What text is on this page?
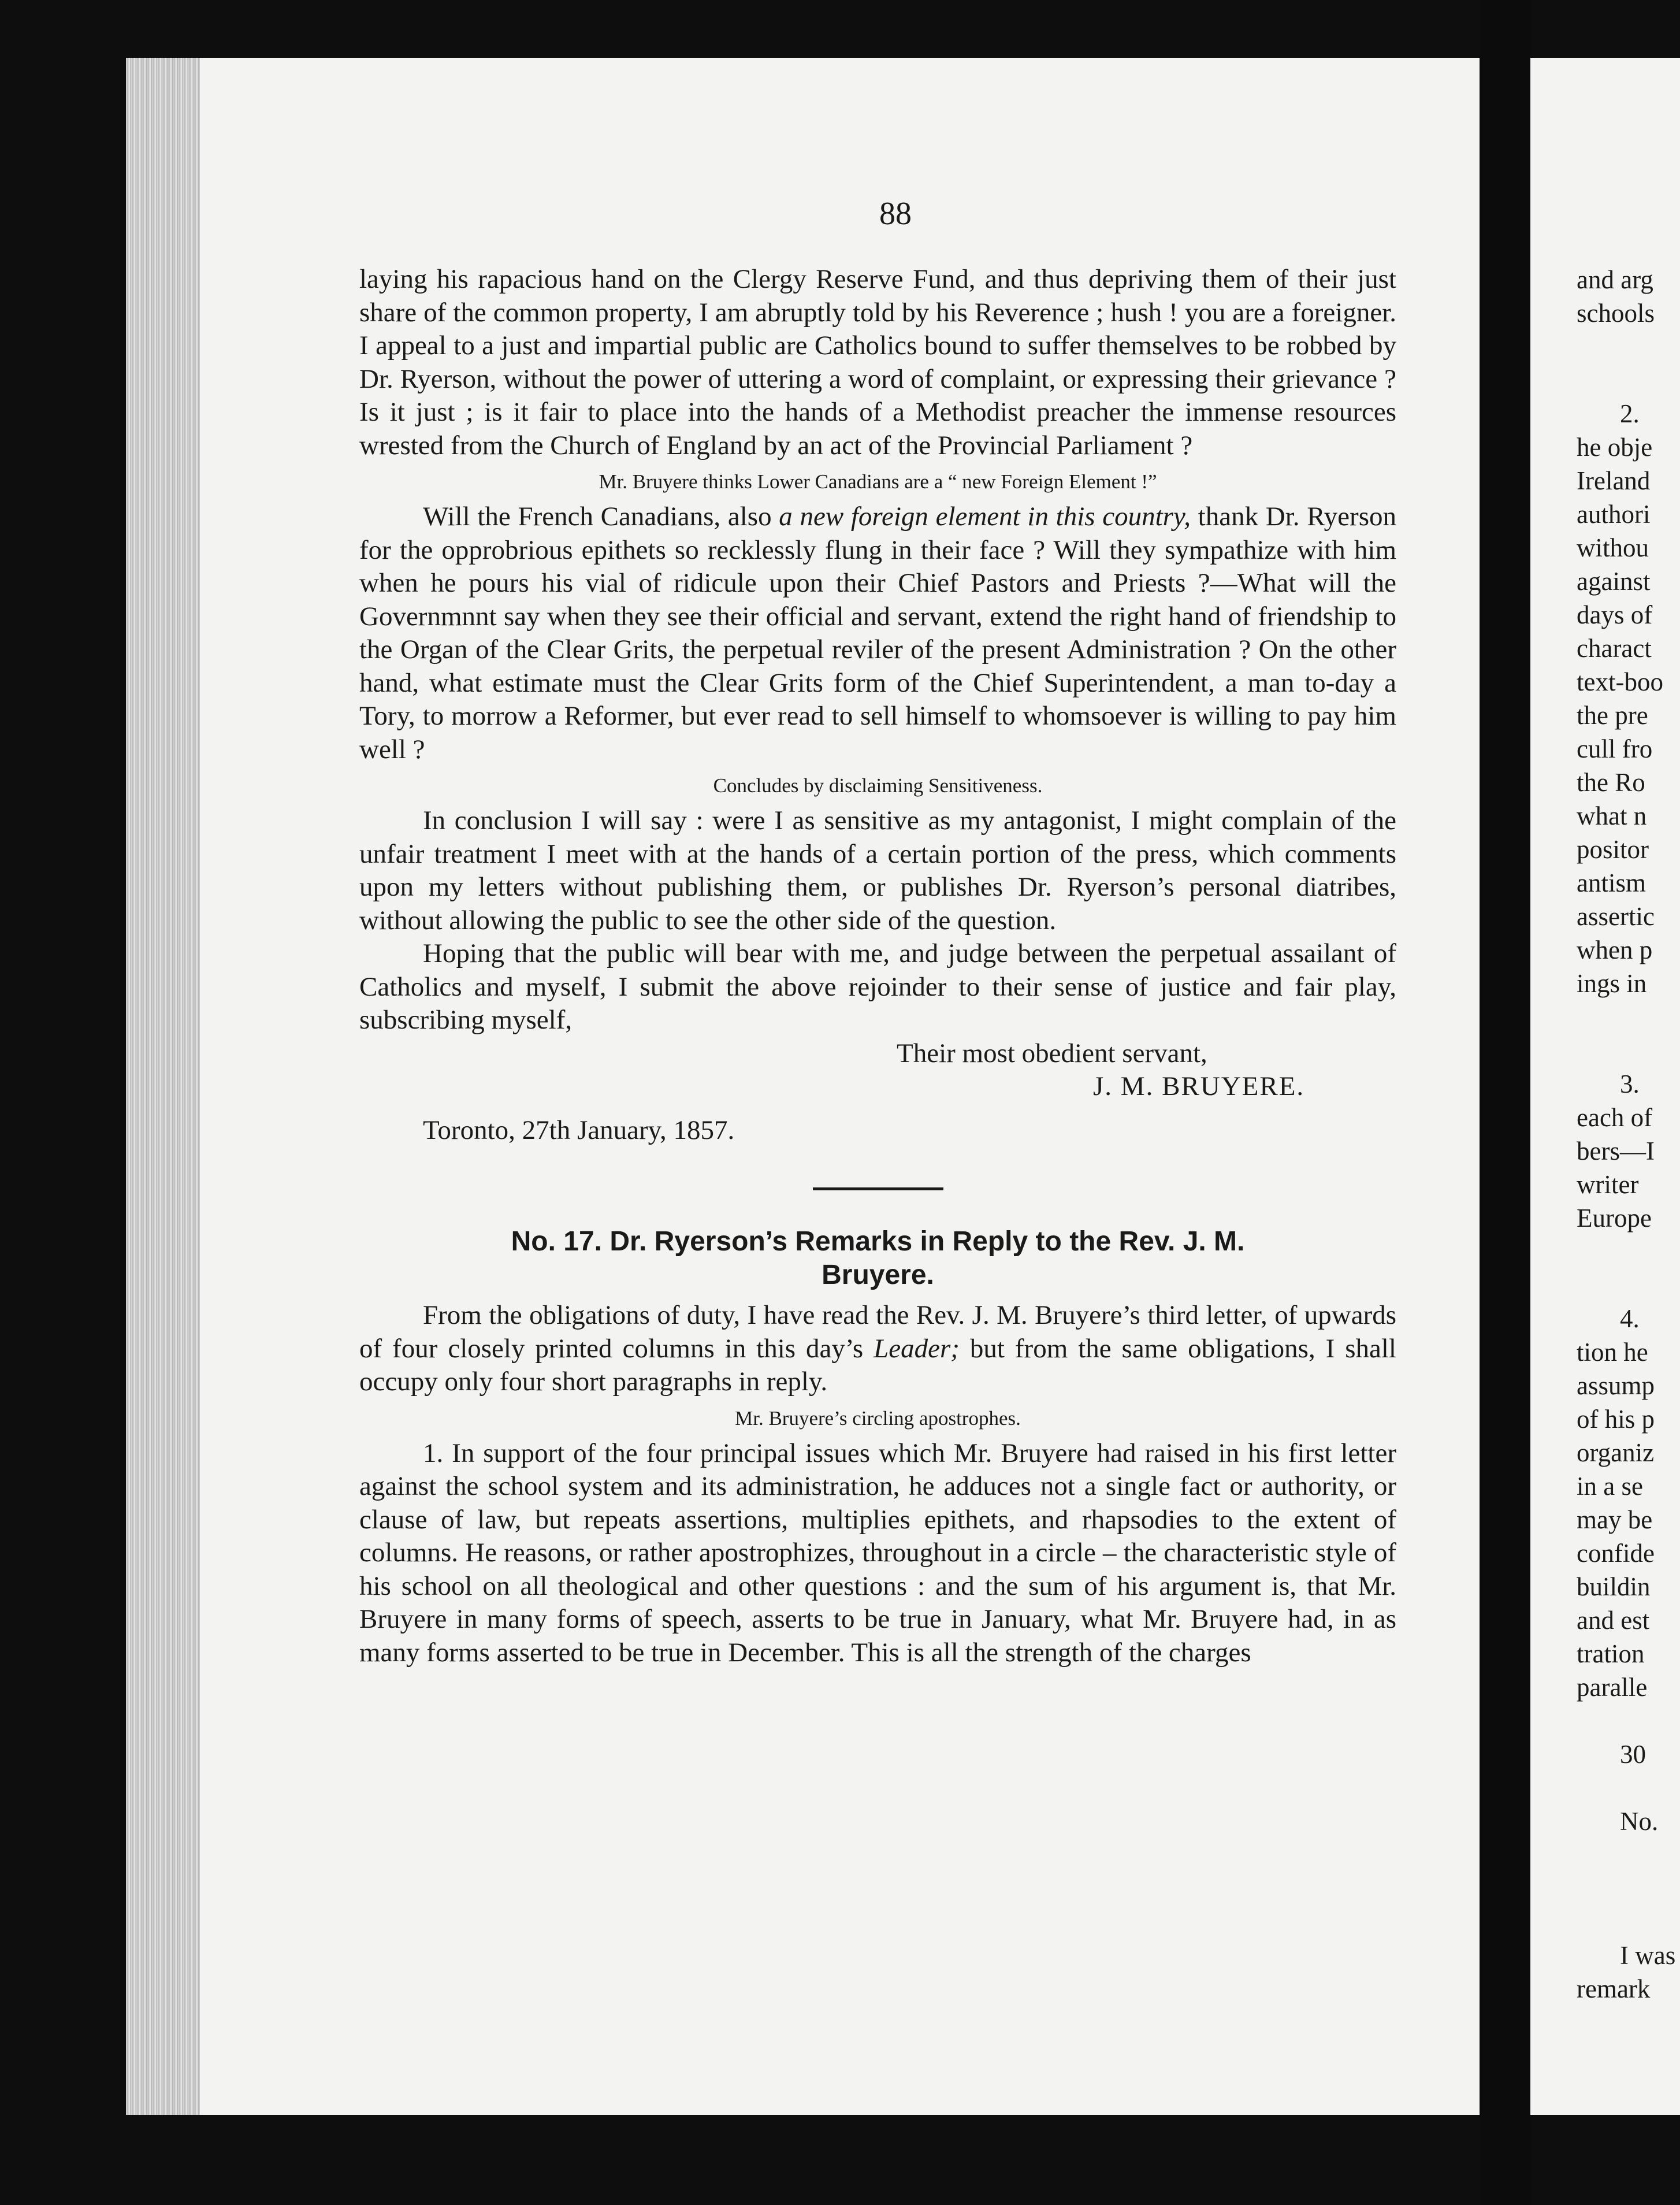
88

laying his rapacious hand on the Clergy Reserve Fund, and thus depriving them of their just share of the common property, I am abruptly told by his Reverence ; hush ! you are a foreigner. I appeal to a just and impartial public are Catholics bound to suffer themselves to be robbed by Dr. Ryerson, without the power of uttering a word of complaint, or expressing their grievance ? Is it just ; is it fair to place into the hands of a Methodist preacher the immense resources wrested from the Church of England by an act of the Provincial Parliament ?

Mr. Bruyere thinks Lower Canadians are a “ new Foreign Element !”

Will the French Canadians, also a new foreign element in this country, thank Dr. Ryerson for the opprobrious epithets so recklessly flung in their face ? Will they sympathize with him when he pours his vial of ridicule upon their Chief Pastors and Priests ?—What will the Governmnnt say when they see their official and servant, extend the right hand of friendship to the Organ of the Clear Grits, the perpetual reviler of the present Administration ? On the other hand, what estimate must the Clear Grits form of the Chief Superintendent, a man to-day a Tory, to morrow a Reformer, but ever read to sell himself to whomsoever is willing to pay him well ?

Concludes by disclaiming Sensitiveness.

In conclusion I will say : were I as sensitive as my antagonist, I might complain of the unfair treatment I meet with at the hands of a certain portion of the press, which comments upon my letters without publishing them, or publishes Dr. Ryerson’s personal diatribes, without allowing the public to see the other side of the question.

Hoping that the public will bear with me, and judge between the perpetual assailant of Catholics and myself, I submit the above rejoinder to their sense of justice and fair play, subscribing myself,

Their most obedient servant,

J. M. BRUYERE.

Toronto, 27th January, 1857.

No. 17. Dr. Ryerson’s Remarks in Reply to the Rev. J. M.
Bruyere.

From the obligations of duty, I have read the Rev. J. M. Bruyere’s third letter, of upwards of four closely printed columns in this day’s Leader; but from the same obligations, I shall occupy only four short paragraphs in reply.

Mr. Bruyere’s circling apostrophes.

1. In support of the four principal issues which Mr. Bruyere had raised in his first letter against the school system and its administration, he adduces not a single fact or authority, or clause of law, but repeats assertions, multiplies epithets, and rhapsodies to the extent of columns. He reasons, or rather apostrophizes, throughout in a circle – the characteristic style of his school on all theological and other questions : and the sum of his argument is, that Mr. Bruyere in many forms of speech, asserts to be true in January, what Mr. Bruyere had, in as many forms asserted to be true in December. This is all the strength of the charges

and arg
schools
2.
he obje
Ireland
authori
withou
against
days of
charact
text-boo
the pre
cull fro
the Ro
what n
positor
antism
assertic
when p
ings in
3.
each of
bers—I
writer
Europe
4.
tion he
assump
of his p
organiz
in a se
may be
confide
buildin
and est
tration
paralle
30
No.
I was
remark
